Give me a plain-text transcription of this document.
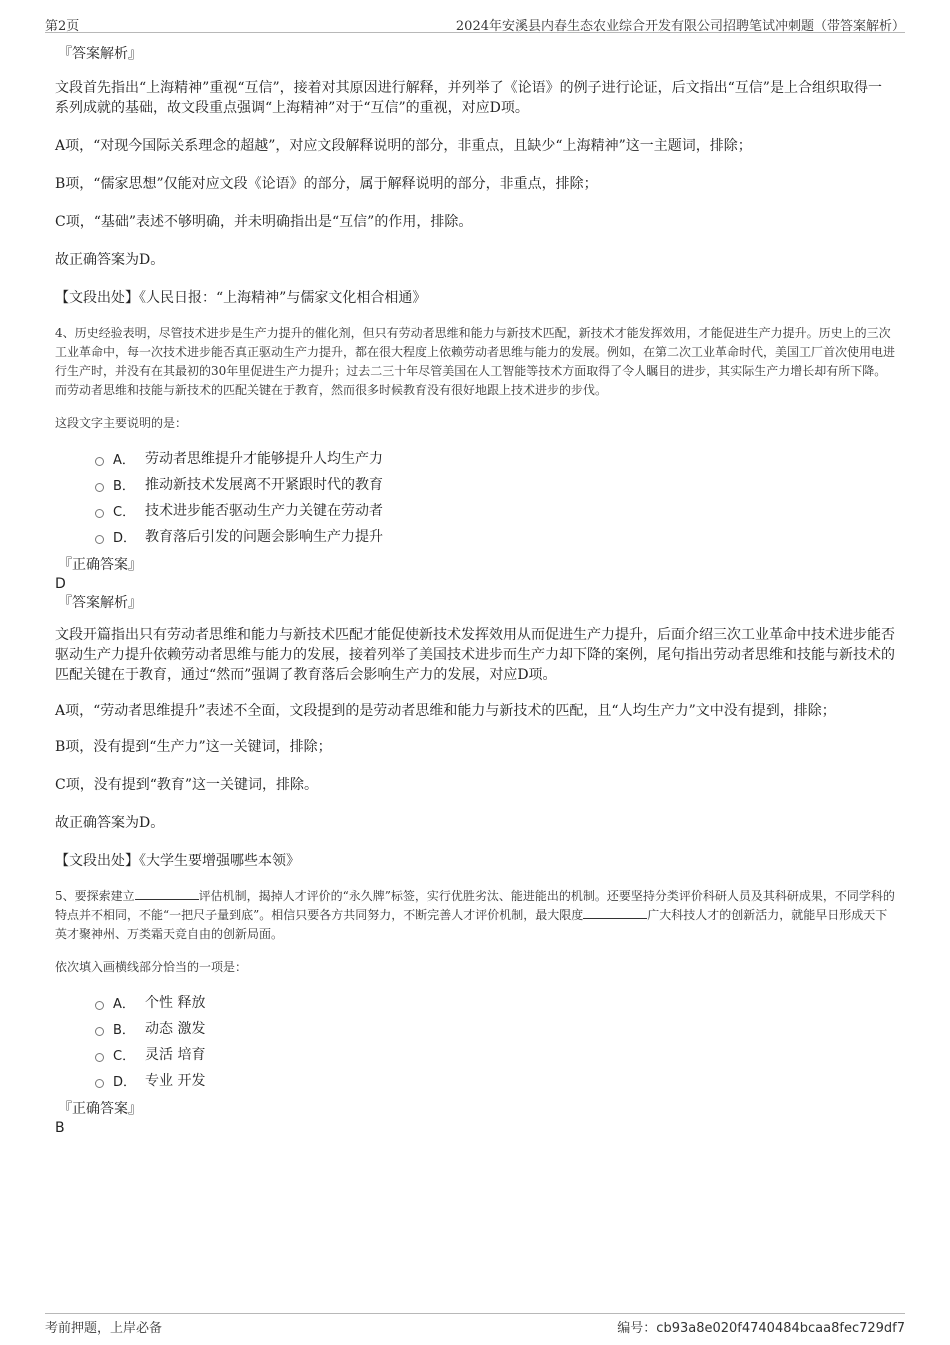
第2页	2024年安溪县内春生态农业综合开发有限公司招聘笔试冲刺题（带答案解析）
『答案解析』
文段首先指出“上海精神”重视“互信”，接着对其原因进行解释，并列举了《论语》的例子进行论证，后文指出“互信”是上合组织取得一系列成就的基础，故文段重点强调“上海精神”对于“互信”的重视，对应D项。
A项，“对现今国际关系理念的超越”，对应文段解释说明的部分，非重点，且缺少“上海精神”这一主题词，排除；
B项，“儒家思想”仅能对应文段《论语》的部分，属于解释说明的部分，非重点，排除；
C项，“基础”表述不够明确，并未明确指出是“互信”的作用，排除。
故正确答案为D。
【文段出处】《人民日报：“上海精神”与儒家文化相合相通》
4、历史经验表明，尽管技术进步是生产力提升的催化剂，但只有劳动者思维和能力与新技术匹配，新技术才能发挥效用，才能促进生产力提升。历史上的三次工业革命中，每一次技术进步能否真正驱动生产力提升，都在很大程度上依赖劳动者思维与能力的发展。例如，在第二次工业革命时代，美国工厂首次使用电进行生产时，并没有在其最初的30年里促进生产力提升；过去二三十年尽管美国在人工智能等技术方面取得了令人瞩目的进步，其实际生产力增长却有所下降。而劳动者思维和技能与新技术的匹配关键在于教育，然而很多时候教育没有很好地跟上技术进步的步伐。
这段文字主要说明的是：
A． 劳动者思维提升才能够提升人均生产力
B． 推动新技术发展离不开紧跟时代的教育
C． 技术进步能否驱动生产力关键在劳动者
D． 教育落后引发的问题会影响生产力提升
『正确答案』
D
『答案解析』
文段开篇指出只有劳动者思维和能力与新技术匹配才能促使新技术发挥效用从而促进生产力提升，后面介绍三次工业革命中技术进步能否驱动生产力提升依赖劳动者思维与能力的发展，接着列举了美国技术进步而生产力却下降的案例，尾句指出劳动者思维和技能与新技术的匹配关键在于教育，通过“然而”强调了教育落后会影响生产力的发展，对应D项。
A项，“劳动者思维提升”表述不全面，文段提到的是劳动者思维和能力与新技术的匹配，且“人均生产力”文中没有提到，排除；
B项，没有提到“生产力”这一关键词，排除；
C项，没有提到“教育”这一关键词，排除。
故正确答案为D。
【文段出处】《大学生要增强哪些本领》
5、要探索建立	评估机制，揭掉人才评价的“永久牌”标签，实行优胜劣汰、能进能出的机制。还要坚持分类评价科研人员及其科研成果，不同学科的特点并不相同，不能“一把尺子量到底”。相信只要各方共同努力，不断完善人才评价机制，最大限度	广大科技人才的创新活力，就能早日形成天下英才聚神州、万类霜天竞自由的创新局面。
依次填入画横线部分恰当的一项是：
A． 个性 释放
B． 动态 激发
C． 灵活 培育
D． 专业 开发
『正确答案』
B
考前押题，上岸必备	编号：cb93a8e020f4740484bcaa8fec729df7
